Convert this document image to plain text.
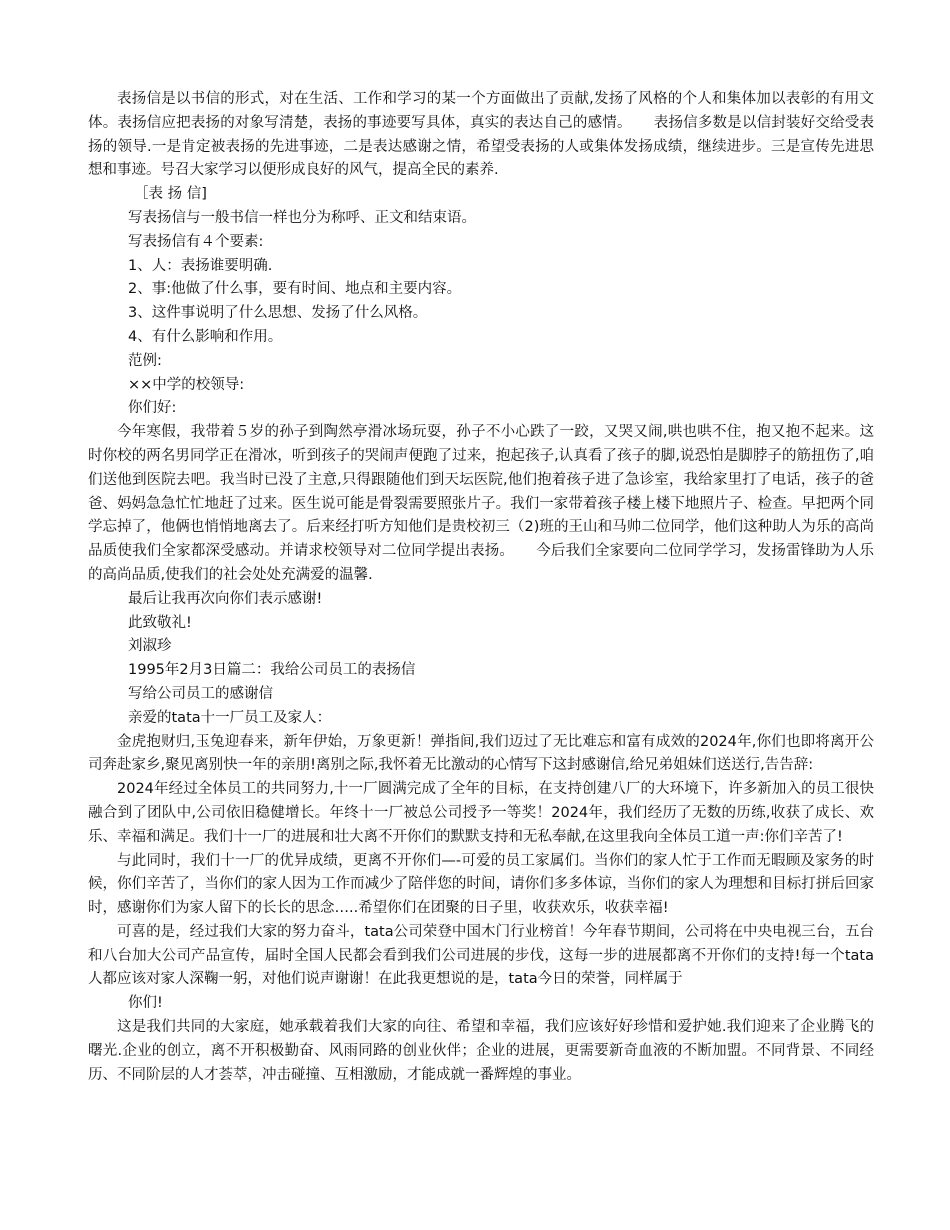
表扬信是以书信的形式，对在生活、工作和学习的某一个方面做出了贡献,发扬了风格的个人和集体加以表彰的有用文体。表扬信应把表扬的对象写清楚，表扬的事迹要写具体，真实的表达自己的感情。　　表扬信多数是以信封装好交给受表扬的领导.一是肯定被表扬的先进事迹，二是表达感谢之情，希望受表扬的人或集体发扬成绩，继续进步。三是宣传先进思想和事迹。号召大家学习以便形成良好的风气，提高全民的素养.

［表 扬 信]

写表扬信与一般书信一样也分为称呼、正文和结束语。

写表扬信有４个要素:

1、人：表扬谁要明确.

2、事:他做了什么事，要有时间、地点和主要内容。

3、这件事说明了什么思想、发扬了什么风格。

4、有什么影响和作用。

范例:

××中学的校领导:

你们好:

今年寒假，我带着５岁的孙子到陶然亭滑冰场玩耍，孙子不小心跌了一跤，又哭又闹,哄也哄不住，抱又抱不起来。这时你校的两名男同学正在滑冰，听到孩子的哭闹声便跑了过来，抱起孩子,认真看了孩子的脚,说恐怕是脚脖子的筋扭伤了,咱们送他到医院去吧。我当时已没了主意,只得跟随他们到天坛医院,他们抱着孩子进了急诊室，我给家里打了电话，孩子的爸爸、妈妈急急忙忙地赶了过来。医生说可能是骨裂需要照张片子。我们一家带着孩子楼上楼下地照片子、检查。早把两个同学忘掉了，他俩也悄悄地离去了。后来经打听方知他们是贵校初三（2)班的王山和马帅二位同学，他们这种助人为乐的高尚品质使我们全家都深受感动。并请求校领导对二位同学提出表扬。　　今后我们全家要向二位同学学习，发扬雷锋助为人乐的高尚品质,使我们的社会处处充满爱的温馨.

最后让我再次向你们表示感谢!

此致敬礼!

刘淑珍

1995年2月3日篇二：我给公司员工的表扬信

写给公司员工的感谢信

亲爱的tata十一厂员工及家人：

金虎抱财归,玉兔迎春来，新年伊始，万象更新！弹指间,我们迈过了无比难忘和富有成效的2024年,你们也即将离开公司奔赴家乡,聚见离别快一年的亲朋!离别之际,我怀着无比激动的心情写下这封感谢信,给兄弟姐妹们送送行,告告辞:

2024年经过全体员工的共同努力,十一厂圆满完成了全年的目标，在支持创建八厂的大环境下，许多新加入的员工很快融合到了团队中,公司依旧稳健增长。年终十一厂被总公司授予一等奖！2024年，我们经历了无数的历练,收获了成长、欢乐、幸福和满足。我们十一厂的进展和壮大离不开你们的默默支持和无私奉献,在这里我向全体员工道一声:你们辛苦了!

与此同时，我们十一厂的优异成绩，更离不开你们—-可爱的员工家属们。当你们的家人忙于工作而无暇顾及家务的时候，你们辛苦了，当你们的家人因为工作而减少了陪伴您的时间，请你们多多体谅，当你们的家人为理想和目标打拼后回家时，感谢你们为家人留下的长长的思念…..希望你们在团聚的日子里，收获欢乐，收获幸福!

可喜的是，经过我们大家的努力奋斗，tata公司荣登中国木门行业榜首！今年春节期间，公司将在中央电视三台，五台和八台加大公司产品宣传，届时全国人民都会看到我们公司进展的步伐，这每一步的进展都离不开你们的支持!每一个tata人都应该对家人深鞠一躬，对他们说声谢谢！在此我更想说的是，tata今日的荣誉，同样属于

你们!

这是我们共同的大家庭，她承载着我们大家的向往、希望和幸福，我们应该好好珍惜和爱护她.我们迎来了企业腾飞的曙光.企业的创立，离不开积极勤奋、风雨同路的创业伙伴；企业的进展，更需要新奇血液的不断加盟。不同背景、不同经历、不同阶层的人才荟萃，冲击碰撞、互相激励，才能成就一番辉煌的事业。
